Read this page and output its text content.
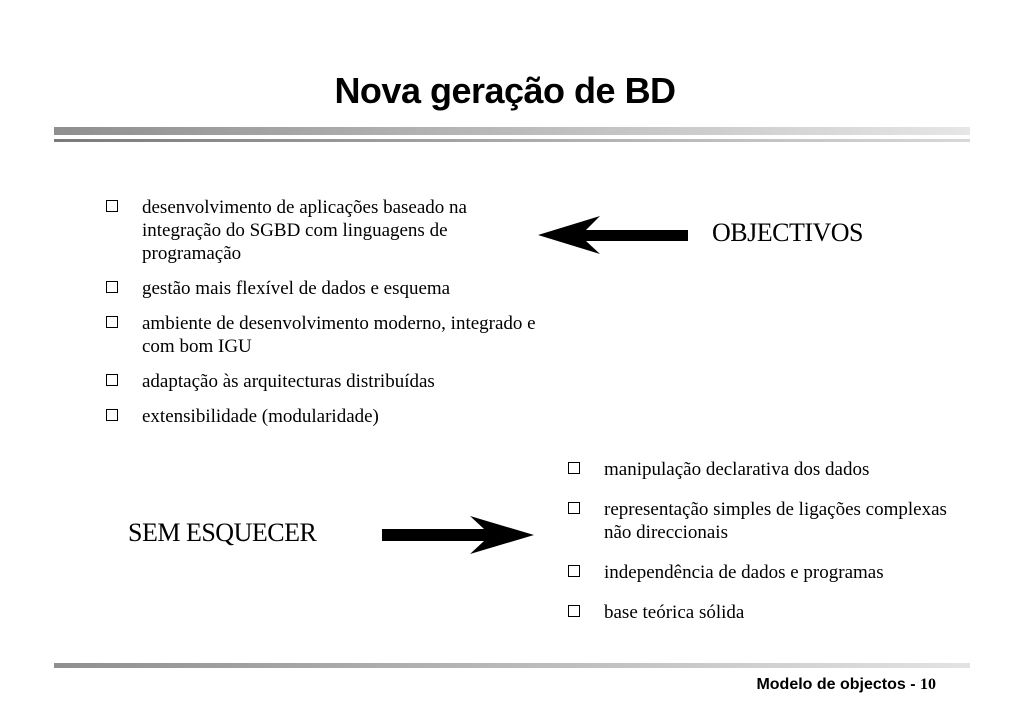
Nova geração de BD
desenvolvimento de aplicações baseado na integração do SGBD com linguagens de programação
gestão mais flexível de dados e esquema
ambiente de desenvolvimento moderno, integrado e com bom IGU
adaptação às arquitecturas distribuídas
extensibilidade (modularidade)
OBJECTIVOS
SEM ESQUECER
manipulação declarativa dos dados
representação simples de ligações complexas não direccionais
independência de dados e programas
base teórica sólida
Modelo de objectos - 10
